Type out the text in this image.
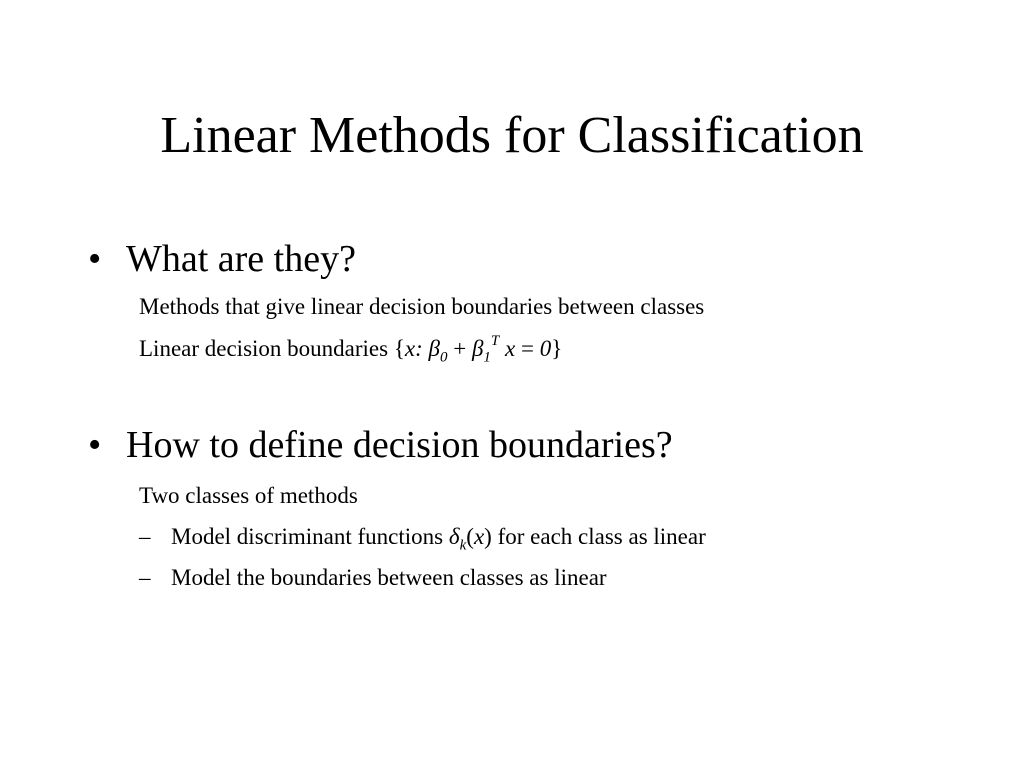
Linear Methods for Classification
• What are they?
Methods that give linear decision boundaries between classes
Linear decision boundaries {x: $\beta_0 + \beta_1^T$ x = 0}
• How to define decision boundaries?
Two classes of methods
– Model discriminant functions $\delta_k(x)$ for each class as linear
– Model the boundaries between classes as linear
